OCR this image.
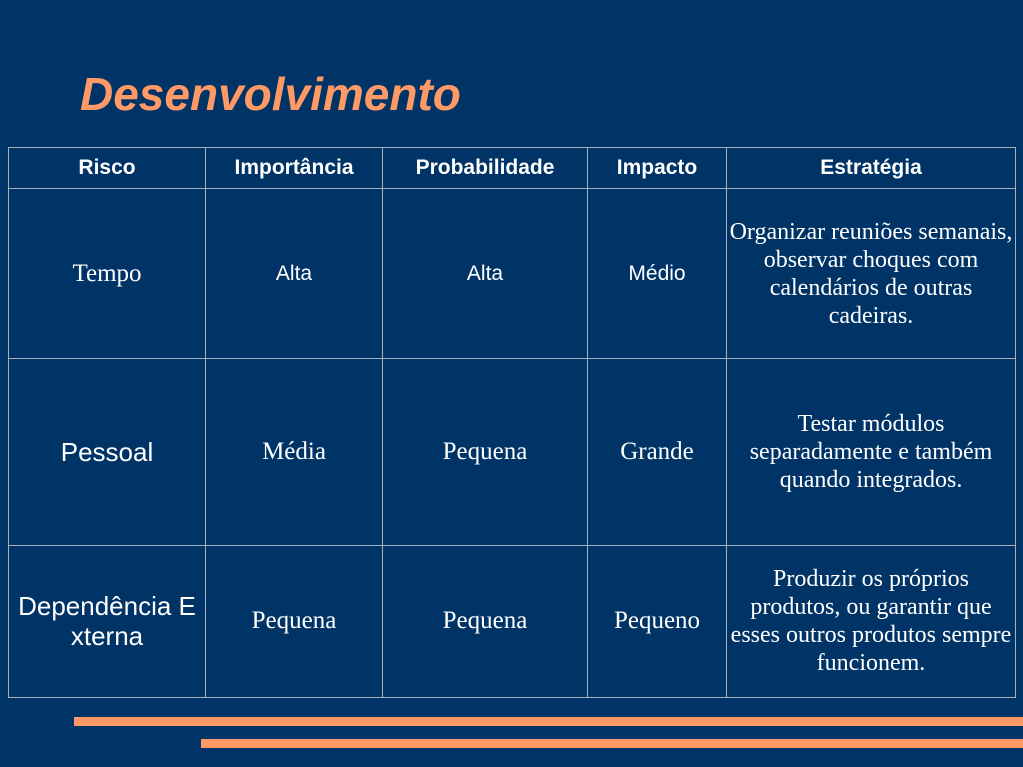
Desenvolvimento
Risco	Importância	Probabilidade	Impacto	Estratégia
Tempo	Alta	Alta	Médio	Organizar reuniões semanais, observar choques com calendários de outras cadeiras.
Pessoal	Média	Pequena	Grande	Testar módulos separadamente e também quando integrados.
Dependência Externa	Pequena	Pequena	Pequeno	Produzir os próprios produtos, ou garantir que esses outros produtos sempre funcionem.
